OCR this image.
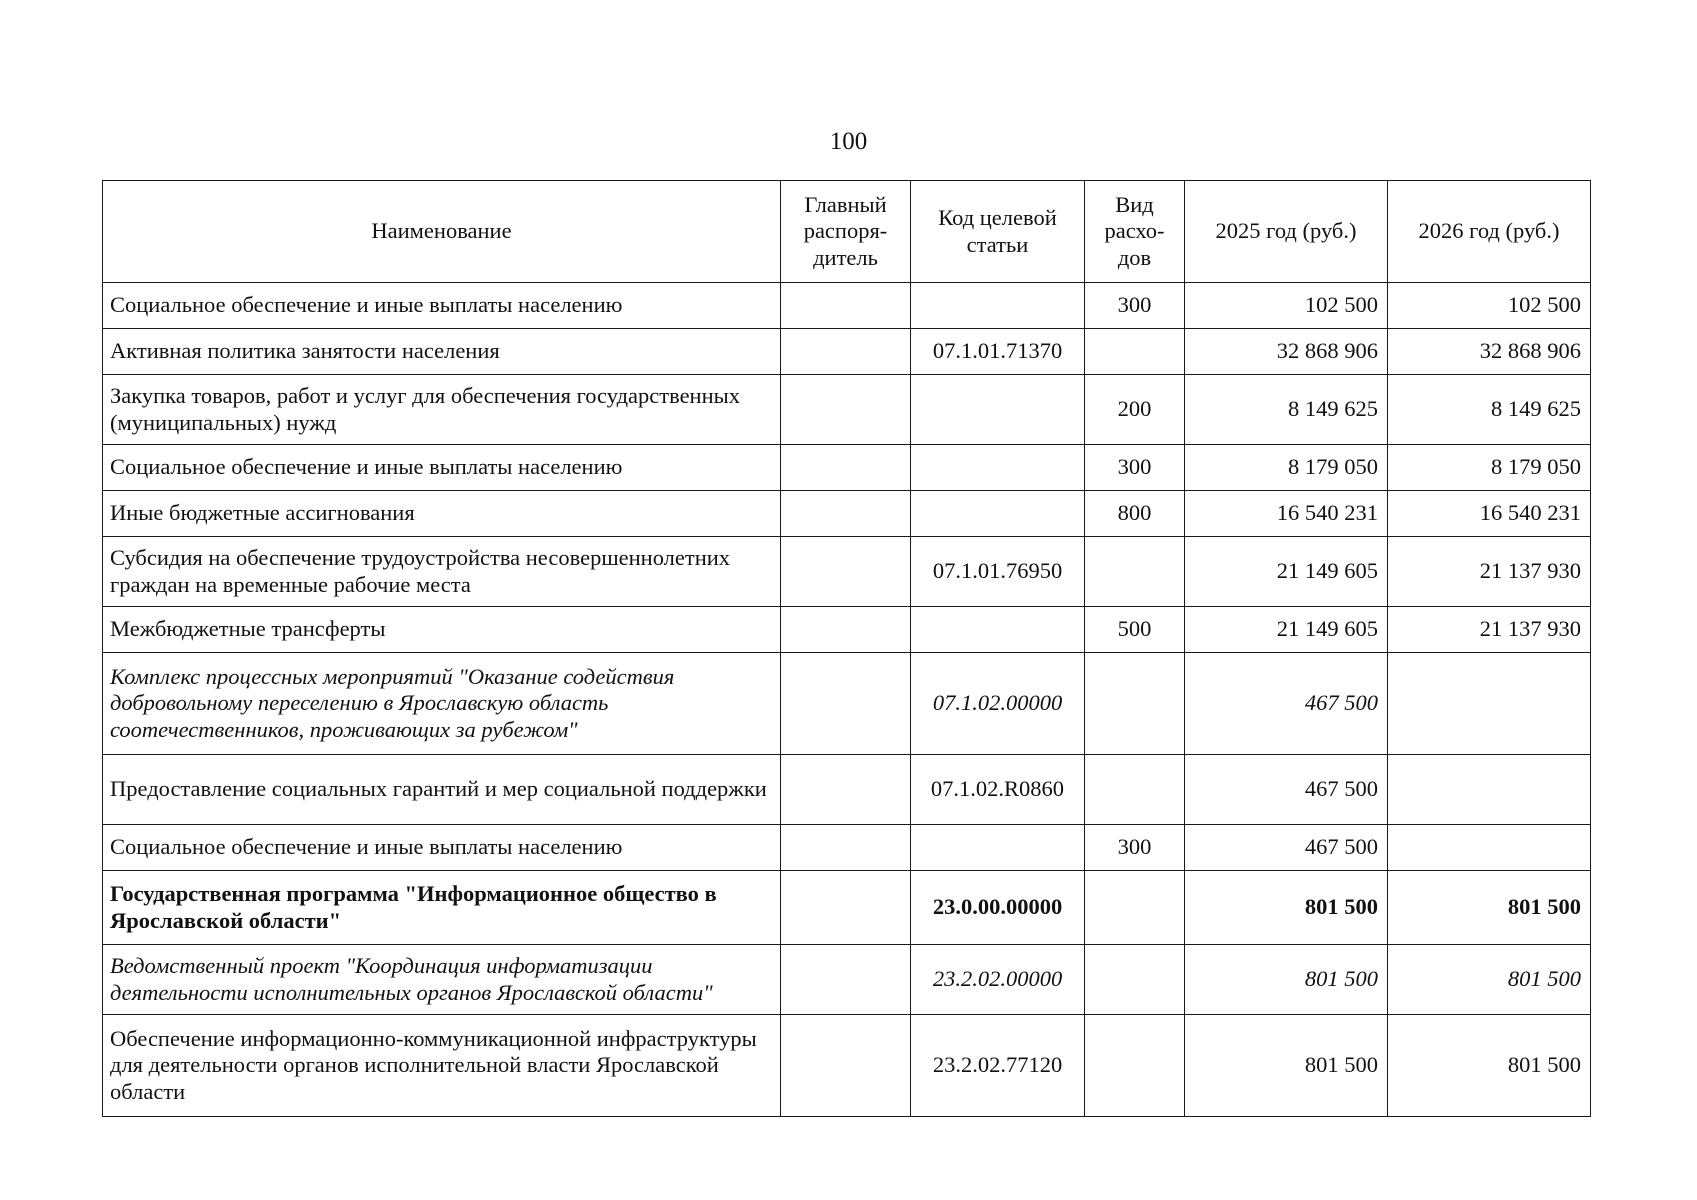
100
Наименование	Главный распоря-дитель	Код целевой статьи	Вид расхо-дов	2025 год (руб.)	2026 год (руб.)
Социальное обеспечение и иные выплаты населению			300	102 500	102 500
Активная политика занятости населения		07.1.01.71370		32 868 906	32 868 906
Закупка товаров, работ и услуг для обеспечения государственных (муниципальных) нужд			200	8 149 625	8 149 625
Социальное обеспечение и иные выплаты населению			300	8 179 050	8 179 050
Иные бюджетные ассигнования			800	16 540 231	16 540 231
Субсидия на обеспечение трудоустройства несовершеннолетних граждан на временные рабочие места		07.1.01.76950		21 149 605	21 137 930
Межбюджетные трансферты			500	21 149 605	21 137 930
Комплекс процессных мероприятий "Оказание содействия добровольному переселению в Ярославскую область соотечественников, проживающих за рубежом"		07.1.02.00000		467 500	
Предоставление социальных гарантий и мер социальной поддержки		07.1.02.R0860		467 500	
Социальное обеспечение и иные выплаты населению			300	467 500	
Государственная программа "Информационное общество в Ярославской области"		23.0.00.00000		801 500	801 500
Ведомственный проект "Координация информатизации деятельности исполнительных органов Ярославской области"		23.2.02.00000		801 500	801 500
Обеспечение информационно-коммуникационной инфраструктуры для деятельности органов исполнительной власти Ярославской области		23.2.02.77120		801 500	801 500
